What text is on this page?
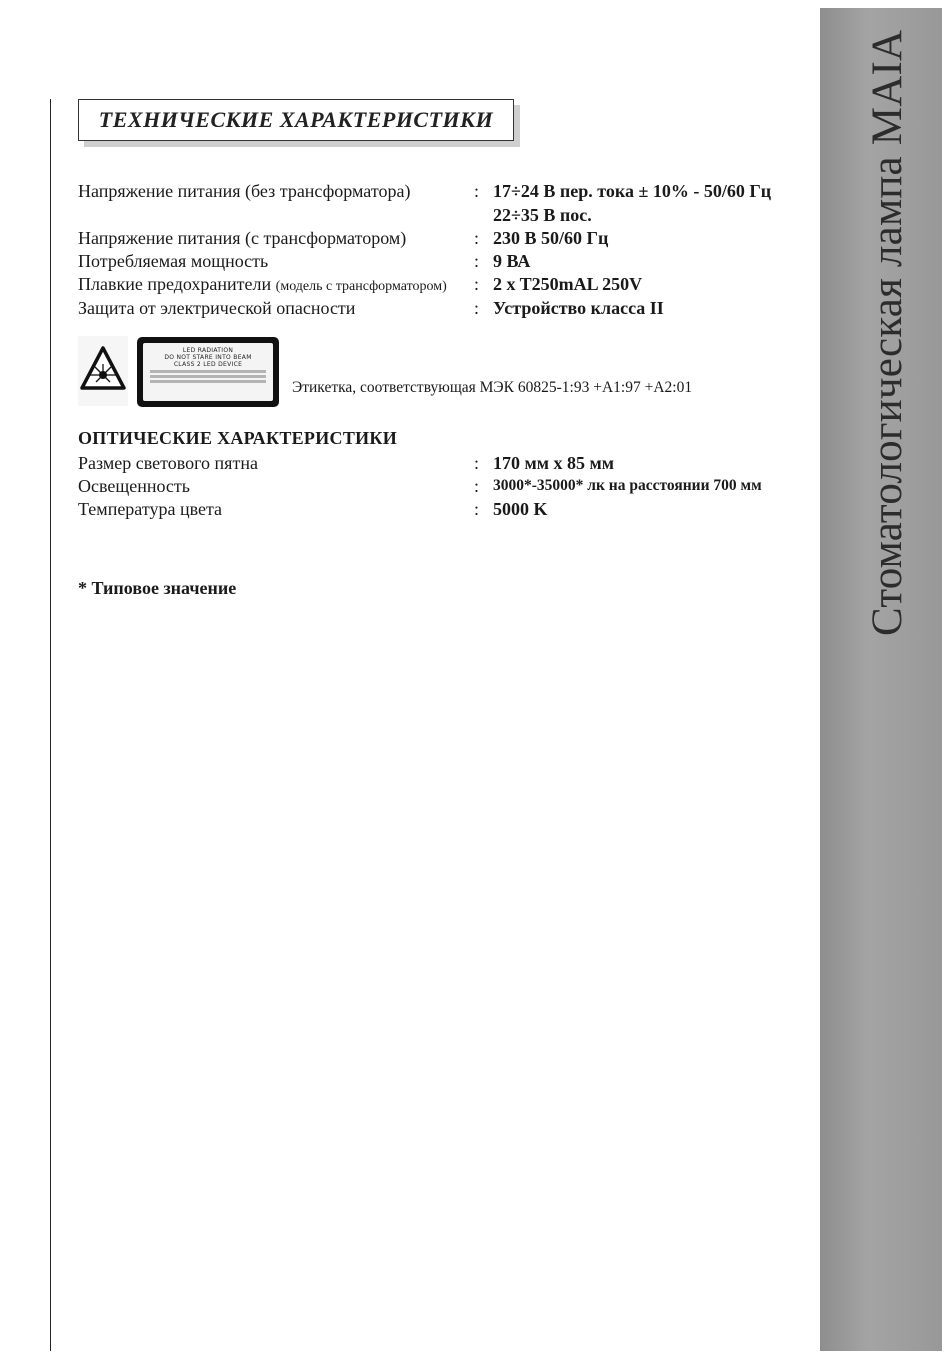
ТЕХНИЧЕСКИЕ ХАРАКТЕРИСТИКИ
Напряжение питания (без трансформатора)	: 17÷24 В пер. тока ± 10% - 50/60 Гц
22÷35 В пос.
Напряжение питания (с трансформатором)	: 230 В 50/60 Гц
Потребляемая мощность	: 9 ВА
Плавкие предохранители (модель с трансформатором) : 2 x T250mAL 250V
Защита от электрической опасности	: Устройство класса II
LED RADIATION
DO NOT STARE INTO BEAM
CLASS 2 LED DEVICE
Этикетка, соответствующая МЭК 60825-1:93 +A1:97 +A2:01
ОПТИЧЕСКИЕ ХАРАКТЕРИСТИКИ
Размер светового пятна	: 170 мм x 85 мм
Освещенность	: 3000*-35000* лк на расстоянии 700 мм
Температура цвета	: 5000 K
* Типовое значение	Стоматологическая лампа MAIA
